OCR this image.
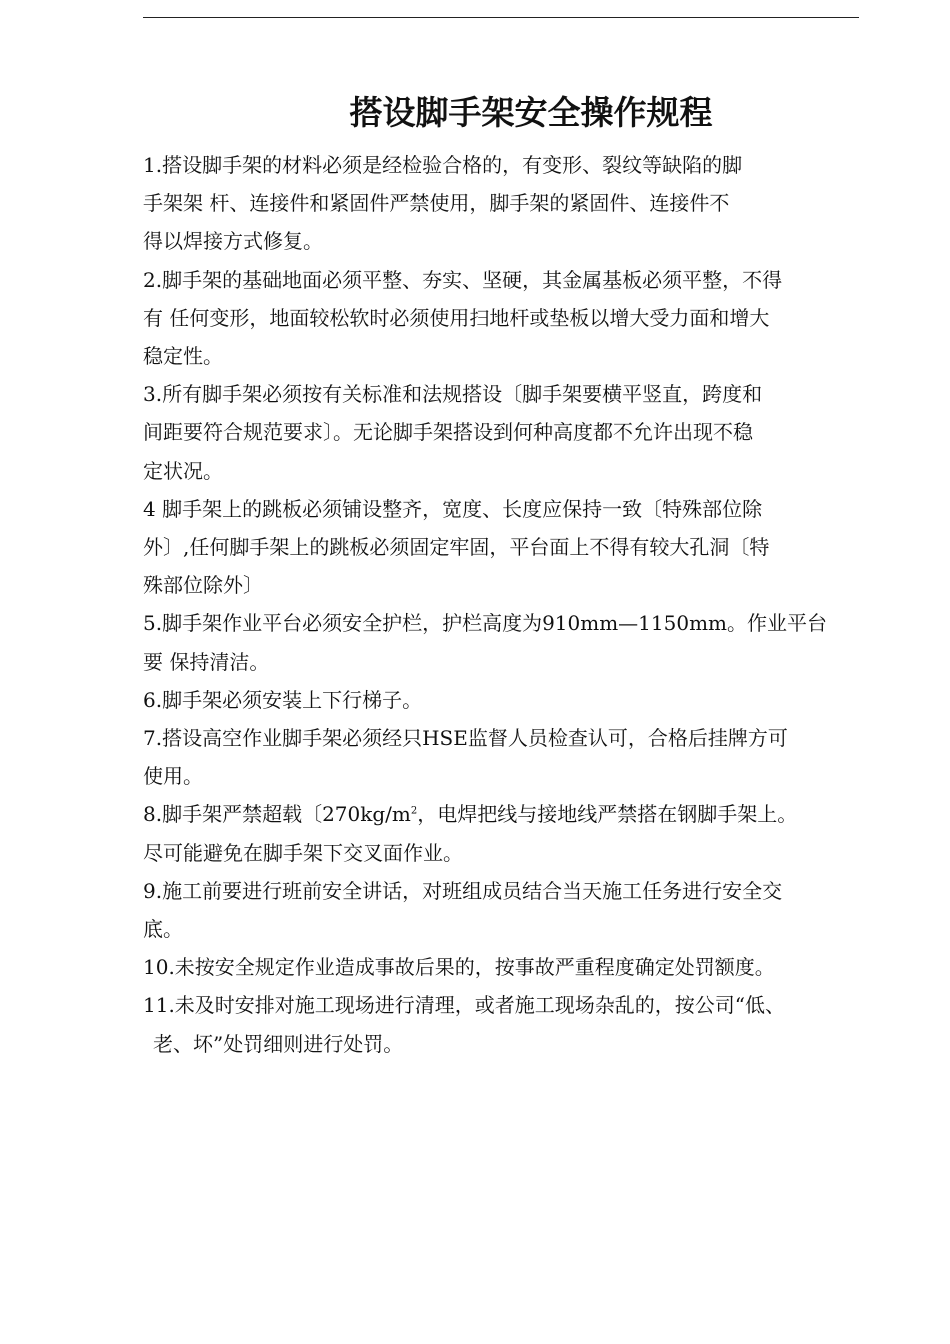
搭设脚手架安全操作规程
1.搭设脚手架的材料必须是经检验合格的，有变形、裂纹等缺陷的脚
手架架 杆、连接件和紧固件严禁使用，脚手架的紧固件、连接件不
得以焊接方式修复。
2.脚手架的基础地面必须平整、夯实、坚硬，其金属基板必须平整，不得
有 任何变形，地面较松软时必须使用扫地杆或垫板以增大受力面和增大
稳定性。
3.所有脚手架必须按有关标准和法规搭设〔脚手架要横平竖直，跨度和
间距要符合规范要求〕。无论脚手架搭设到何种高度都不允许出现不稳
定状况。
4 脚手架上的跳板必须铺设整齐，宽度、长度应保持一致〔特殊部位除
外〕,任何脚手架上的跳板必须固定牢固，平台面上不得有较大孔洞〔特
殊部位除外〕
5.脚手架作业平台必须安全护栏，护栏高度为910mm—1150mm。作业平台
要 保持清洁。
6.脚手架必须安装上下行梯子。
7.搭设高空作业脚手架必须经只HSE监督人员检查认可，合格后挂牌方可
使用。
8.脚手架严禁超载〔$270kg/m^2$，电焊把线与接地线严禁搭在钢脚手架上。
尽可能避免在脚手架下交叉面作业。
9.施工前要进行班前安全讲话，对班组成员结合当天施工任务进行安全交
底。
10.未按安全规定作业造成事故后果的，按事故严重程度确定处罚额度。
11.未及时安排对施工现场进行清理，或者施工现场杂乱的，按公司“低、
老、坏”处罚细则进行处罚。
